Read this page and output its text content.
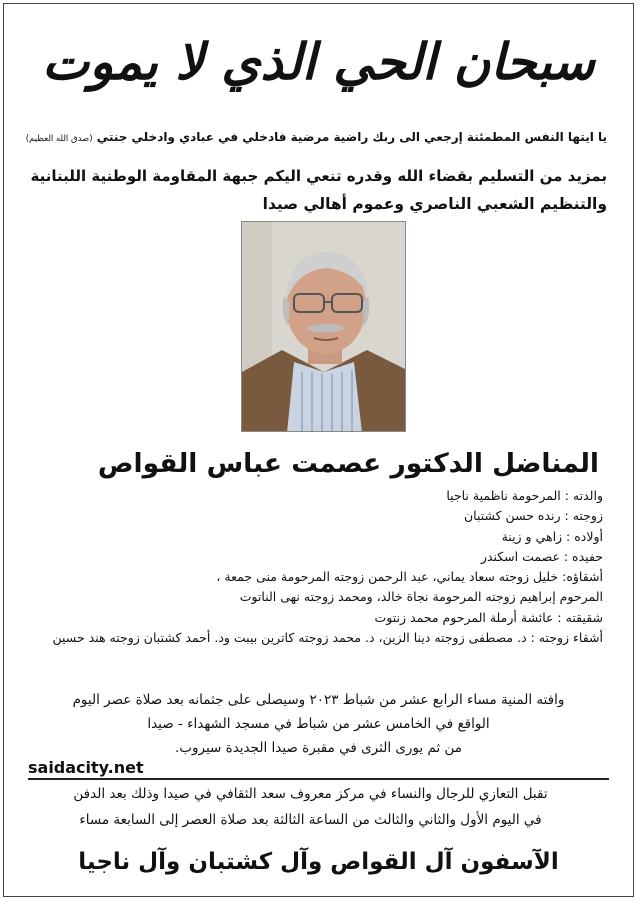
سبحان الحي الذي لا يموت
يا ايتها النفس المطمئنة إرجعي الى ربك راضية مرضية فادخلي في عبادي وادخلي جنتي (صدق الله العظيم)
بمزيد من التسليم بقضاء الله وقدره تنعي اليكم جبهة المقاومة الوطنية اللبنانية
والتنظيم الشعبي الناصري وعموم أهالي صيدا
المناضل الدكتور عصمت عباس القواص
والدته : المرحومة ناظمية ناجيا
زوجته : رنده حسن كشتبان
أولاده : زاهي و زينة
حفيده : عصمت اسكندر
أشقاؤه: خليل زوجته سعاد يماني، عبد الرحمن زوجته المرحومة منى جمعة ،
المرحوم إبراهيم زوجته المرحومة نجاة خالد، ومحمد زوجته نهى الناتوت
شقيقته : عائشة أرملة المرحوم محمد زنتوت
أشقاء زوجته : د. مصطفى زوجته دينا الزين، د. محمد زوجته كاترين بيبت ود. أحمد كشتبان زوجته هند حسين
وافته المنية مساء الرابع عشر من شباط ٢٠٢٣ وسيصلى على جثمانه بعد صلاة عصر اليوم
الواقع في الخامس عشر من شباط في مسجد الشهداء - صيدا
من ثم يورى الثرى في مقبرة صيدا الجديدة سيروب.
saidacity.net
تقبل التعازي للرجال والنساء في مركز معروف سعد الثقافي في صيدا وذلك بعد الدفن
في اليوم الأول والثاني والثالث من الساعة الثالثة بعد صلاة العصر إلى السابعة مساء
الآسفون آل القواص وآل كشتبان وآل ناجيا
